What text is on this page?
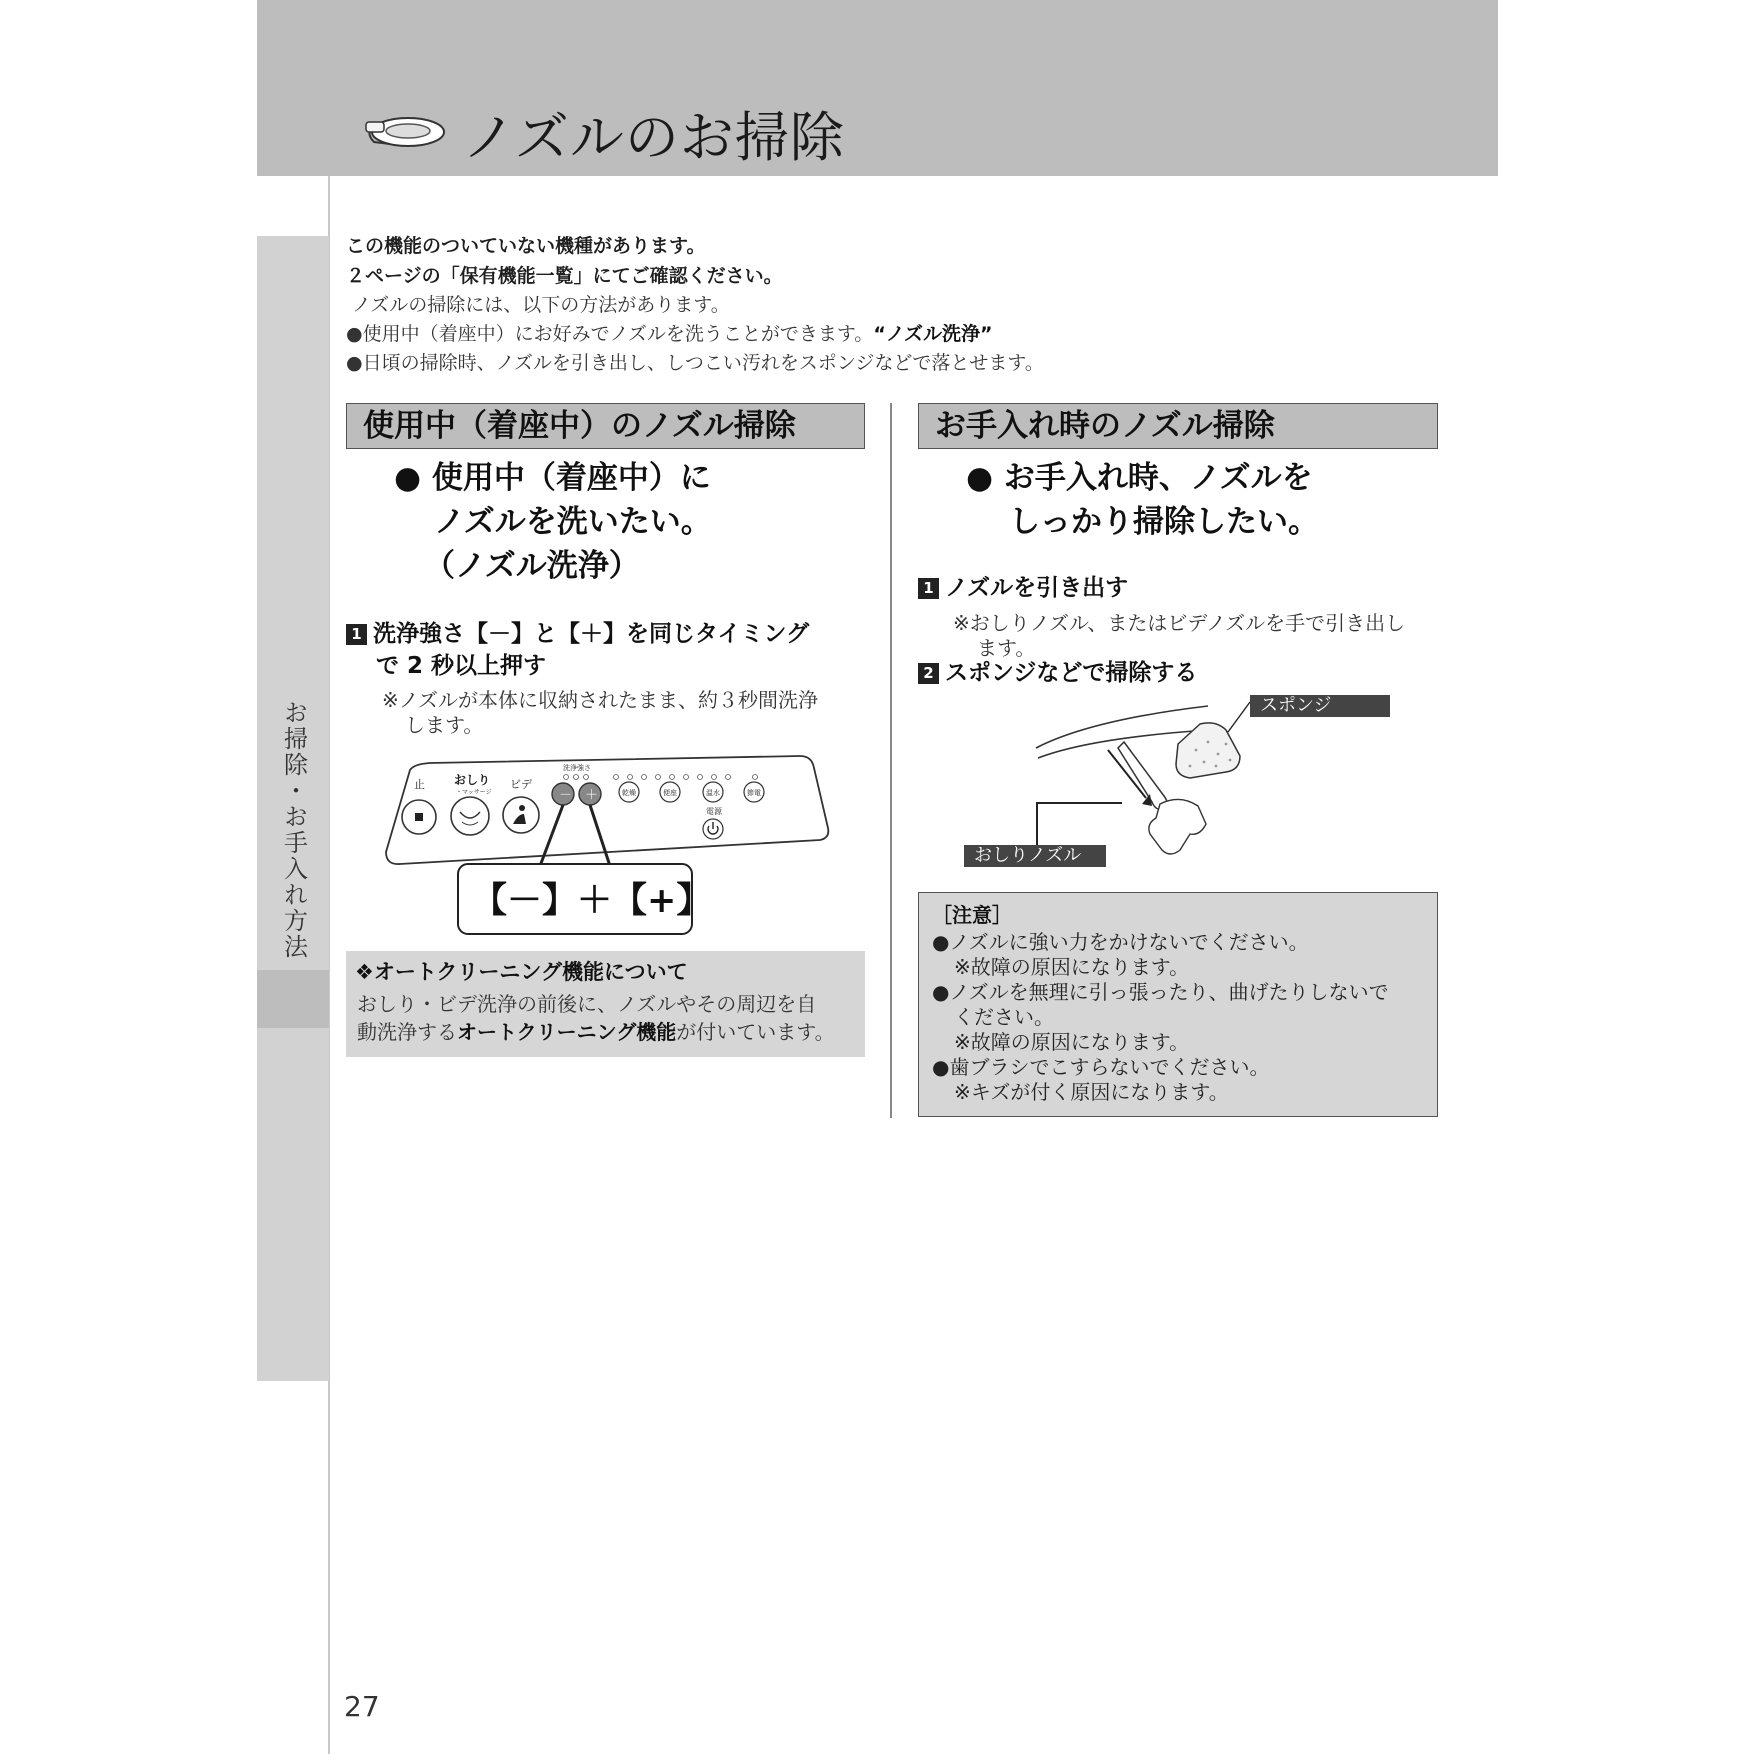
ノズルのお掃除
お掃除・お手入れ方法
この機能のついていない機種があります。
２ページの「保有機能一覧」にてご確認ください。
ノズルの掃除には、以下の方法があります。
●使用中（着座中）にお好みでノズルを洗うことができます。“ノズル洗浄”
●日頃の掃除時、ノズルを引き出し、しつこい汚れをスポンジなどで落とせます。
使用中（着座中）のノズル掃除
● 使用中（着座中）に
ノズルを洗いたい。
（ノズル洗浄）
1 洗浄強さ【－】と【＋】を同じタイミング
で 2 秒以上押す
※ノズルが本体に収納されたまま、約３秒間洗浄
します。
止 おしり
・マッサージ
ビデ
洗浄強さ
－ ＋	乾燥	便座	温水	節電
電源
【－】＋【+】
❖オートクリーニング機能について
おしり・ビデ洗浄の前後に、ノズルやその周辺を自
動洗浄するオートクリーニング機能が付いています。
お手入れ時のノズル掃除
● お手入れ時、ノズルを
しっかり掃除したい。
1 ノズルを引き出す
※おしりノズル、またはビデノズルを手で引き出し
ます。
2 スポンジなどで掃除する
スポンジ
おしりノズル
［注意］
●ノズルに強い力をかけないでください。
※故障の原因になります。
●ノズルを無理に引っ張ったり、曲げたりしないで
ください。
※故障の原因になります。
●歯ブラシでこすらないでください。
※キズが付く原因になります。
27
